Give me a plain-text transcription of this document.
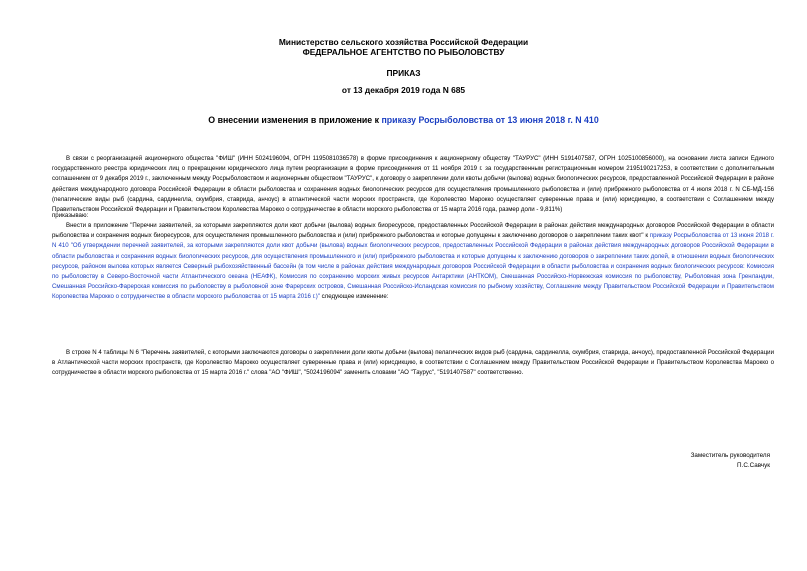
Министерство сельского хозяйства Российской Федерации
ФЕДЕРАЛЬНОЕ АГЕНТСТВО ПО РЫБОЛОВСТВУ
ПРИКАЗ
от 13 декабря 2019 года N 685
О внесении изменения в приложение к приказу Росрыболовства от 13 июня 2018 г. N 410
В связи с реорганизацией акционерного общества "ФИШ" (ИНН 5024196094, ОГРН 1195081036578) в форме присоединения к акционерному обществу "ТАУРУС" (ИНН 5191407587, ОГРН 1025100856000), на основании листа записи Единого государственного реестра юридических лиц о прекращении юридического лица путем реорганизации в форме присоединения от 11 ноября 2019 г. за государственным регистрационным номером 2195190217253, в соответствии с дополнительным соглашением от 9 декабря 2019 г., заключенным между Росрыболовством и акционерным обществом "ТАУРУС", к договору о закреплении доли квоты добычи (вылова) водных биологических ресурсов, предоставленной Российской Федерации в районе действия международного договора Российской Федерации в области рыболовства и сохранения водных биологических ресурсов для осуществления промышленного рыболовства и (или) прибрежного рыболовства от 4 июля 2018 г. N СБ-МД-156 (пелагические виды рыб (сардина, сардинелла, скумбрия, ставрида, анчоус) в атлантической части морских пространств, где Королевство Марокко осуществляет суверенные права и (или) юрисдикцию, в соответствии с Соглашением между Правительством Российской Федерации и Правительством Королевства Марокко о сотрудничестве в области морского рыболовства от 15 марта 2016 года, размер доли - 9,811%)
приказываю:
Внести в приложение "Перечни заявителей, за которыми закрепляются доли квот добычи (вылова) водных биоресурсов, предоставленных Российской Федерации в районах действия международных договоров Российской Федерации в области рыболовства и сохранения водных биоресурсов, для осуществления промышленного рыболовства и (или) прибрежного рыболовства и которые допущены к заключению договоров о закреплении таких квот" к приказу Росрыболовства от 13 июня 2018 г. N 410 "Об утверждении перечней заявителей, за которыми закрепляются доли квот добычи (вылова) водных биологических ресурсов, предоставленных Российской Федерации в районах действия международных договоров Российской Федерации в области рыболовства и сохранения водных биологических ресурсов, для осуществления промышленного и (или) прибрежного рыболовства и которые допущены к заключению договоров о закреплении таких долей, в отношении водных биологических ресурсов, районом вылова которых является Северный рыбохозяйственный бассейн (в том числе в районах действия международных договоров Российской Федерации в области рыболовства и сохранения водных биологических ресурсов: Комиссия по рыболовству в Северо-Восточной части Атлантического океана (НЕАФК), Комиссия по сохранению морских живых ресурсов Антарктики (АНТКОМ), Смешанная Российско-Норвежская комиссия по рыболовству, Рыболовная зона Гренландии, Смешанная Российско-Фарерская комиссия по рыболовству в рыболовной зоне Фарерских островов, Смешанная Российско-Исландская комиссия по рыбному хозяйству, Соглашение между Правительством Российской Федерации и Правительством Королевства Марокко о сотрудничестве в области морского рыболовства от 15 марта 2016 г.)" следующее изменение:
В строке N 4 таблицы N 6 "Перечень заявителей, с которыми заключаются договоры о закреплении доли квоты добычи (вылова) пелагических видов рыб (сардина, сардинелла, скумбрия, ставрида, анчоус), предоставленной Российской Федерации в Атлантической части морских пространств, где Королевство Марокко осуществляет суверенные права и (или) юрисдикцию, в соответствии с Соглашением между Правительством Российской Федерации и Правительством Королевства Марокко о сотрудничестве в области морского рыболовства от 15 марта 2016 г." слова "АО "ФИШ", "5024196094" заменить словами "АО "Таурус", "5191407587" соответственно.
Заместитель руководителя
П.С.Савчук
